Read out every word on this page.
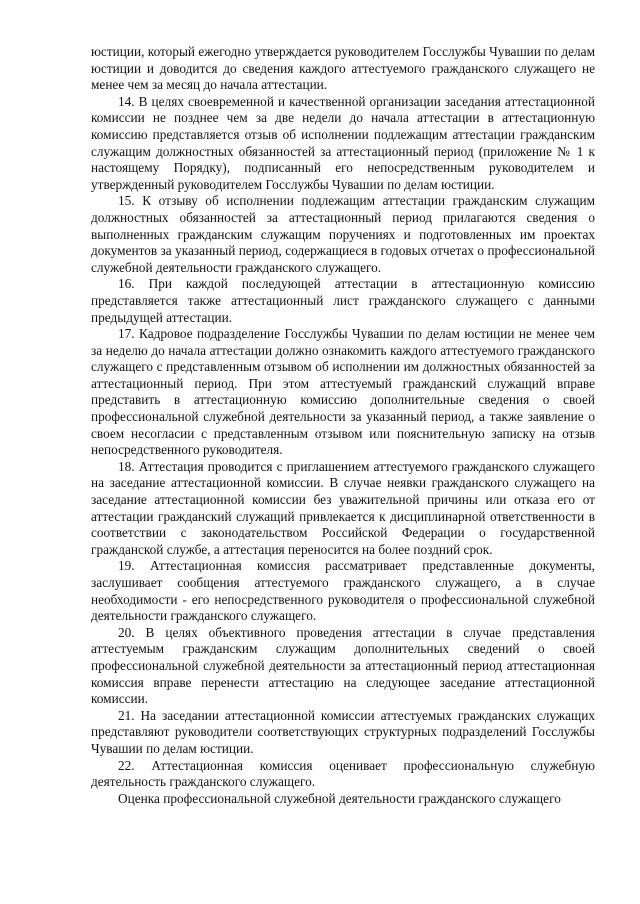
юстиции, который ежегодно утверждается руководителем Госслужбы Чувашии по делам юстиции и доводится до сведения каждого аттестуемого гражданского служащего не менее чем за месяц до начала аттестации.

14. В целях своевременной и качественной организации заседания аттестационной комиссии не позднее чем за две недели до начала аттестации в аттестационную комиссию представляется отзыв об исполнении подлежащим аттестации гражданским служащим должностных обязанностей за аттестационный период (приложение № 1 к настоящему Порядку), подписанный его непосредственным руководителем и утвержденный руководителем Госслужбы Чувашии по делам юстиции.

15. К отзыву об исполнении подлежащим аттестации гражданским служащим должностных обязанностей за аттестационный период прилагаются сведения о выполненных гражданским служащим поручениях и подготовленных им проектах документов за указанный период, содержащиеся в годовых отчетах о профессиональной служебной деятельности гражданского служащего.

16. При каждой последующей аттестации в аттестационную комиссию представляется также аттестационный лист гражданского служащего с данными предыдущей аттестации.

17. Кадровое подразделение Госслужбы Чувашии по делам юстиции не менее чем за неделю до начала аттестации должно ознакомить каждого аттестуемого гражданского служащего с представленным отзывом об исполнении им должностных обязанностей за аттестационный период. При этом аттестуемый гражданский служащий вправе представить в аттестационную комиссию дополнительные сведения о своей профессиональной служебной деятельности за указанный период, а также заявление о своем несогласии с представленным отзывом или пояснительную записку на отзыв непосредственного руководителя.

18. Аттестация проводится с приглашением аттестуемого гражданского служащего на заседание аттестационной комиссии. В случае неявки гражданского служащего на заседание аттестационной комиссии без уважительной причины или отказа его от аттестации гражданский служащий привлекается к дисциплинарной ответственности в соответствии с законодательством Российской Федерации о государственной гражданской службе, а аттестация переносится на более поздний срок.

19. Аттестационная комиссия рассматривает представленные документы, заслушивает сообщения аттестуемого гражданского служащего, а в случае необходимости - его непосредственного руководителя о профессиональной служебной деятельности гражданского служащего.

20. В целях объективного проведения аттестации в случае представления аттестуемым гражданским служащим дополнительных сведений о своей профессиональной служебной деятельности за аттестационный период аттестационная комиссия вправе перенести аттестацию на следующее заседание аттестационной комиссии.

21. На заседании аттестационной комиссии аттестуемых гражданских служащих представляют руководители соответствующих структурных подразделений Госслужбы Чувашии по делам юстиции.

22. Аттестационная комиссия оценивает профессиональную служебную деятельность гражданского служащего.

Оценка профессиональной служебной деятельности гражданского служащего
